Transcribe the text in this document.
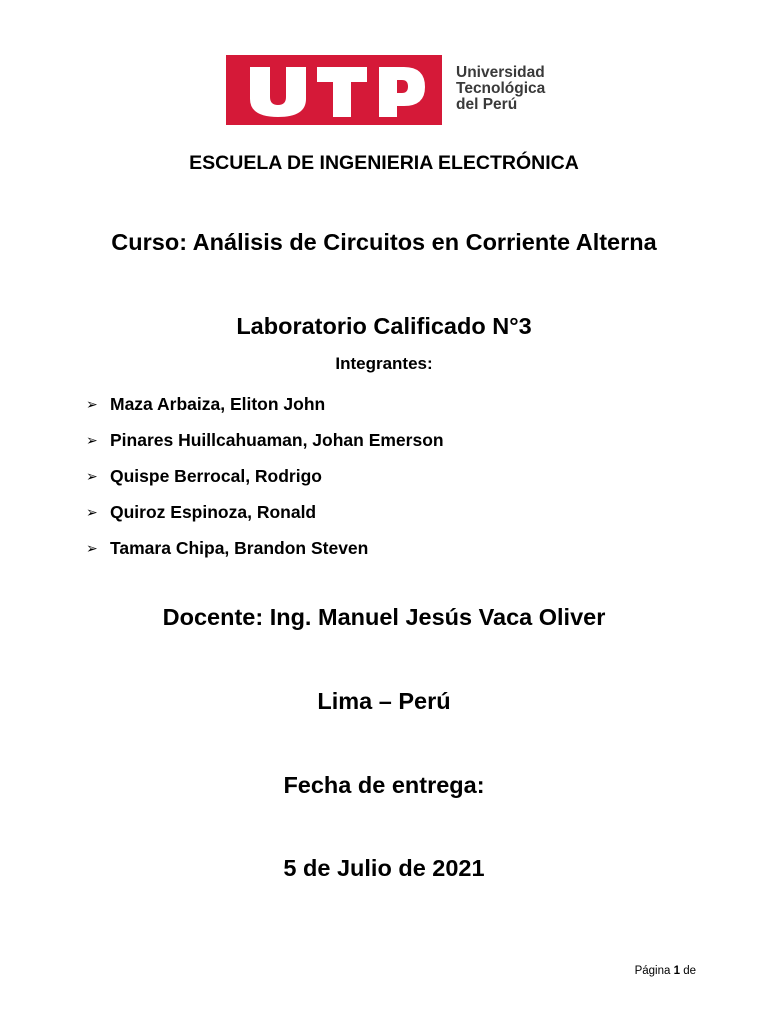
Universidad
Tecnológica
del Perú
ESCUELA DE INGENIERIA ELECTRÓNICA
Curso: Análisis de Circuitos en Corriente Alterna
Laboratorio Calificado N°3
Integrantes:
➢ Maza Arbaiza, Eliton John
➢ Pinares Huillcahuaman, Johan Emerson
➢ Quispe Berrocal, Rodrigo
➢ Quiroz Espinoza, Ronald
➢ Tamara Chipa, Brandon Steven
Docente: Ing. Manuel Jesús Vaca Oliver
Lima – Perú
Fecha de entrega:
5 de Julio de 2021
Página 1 de
